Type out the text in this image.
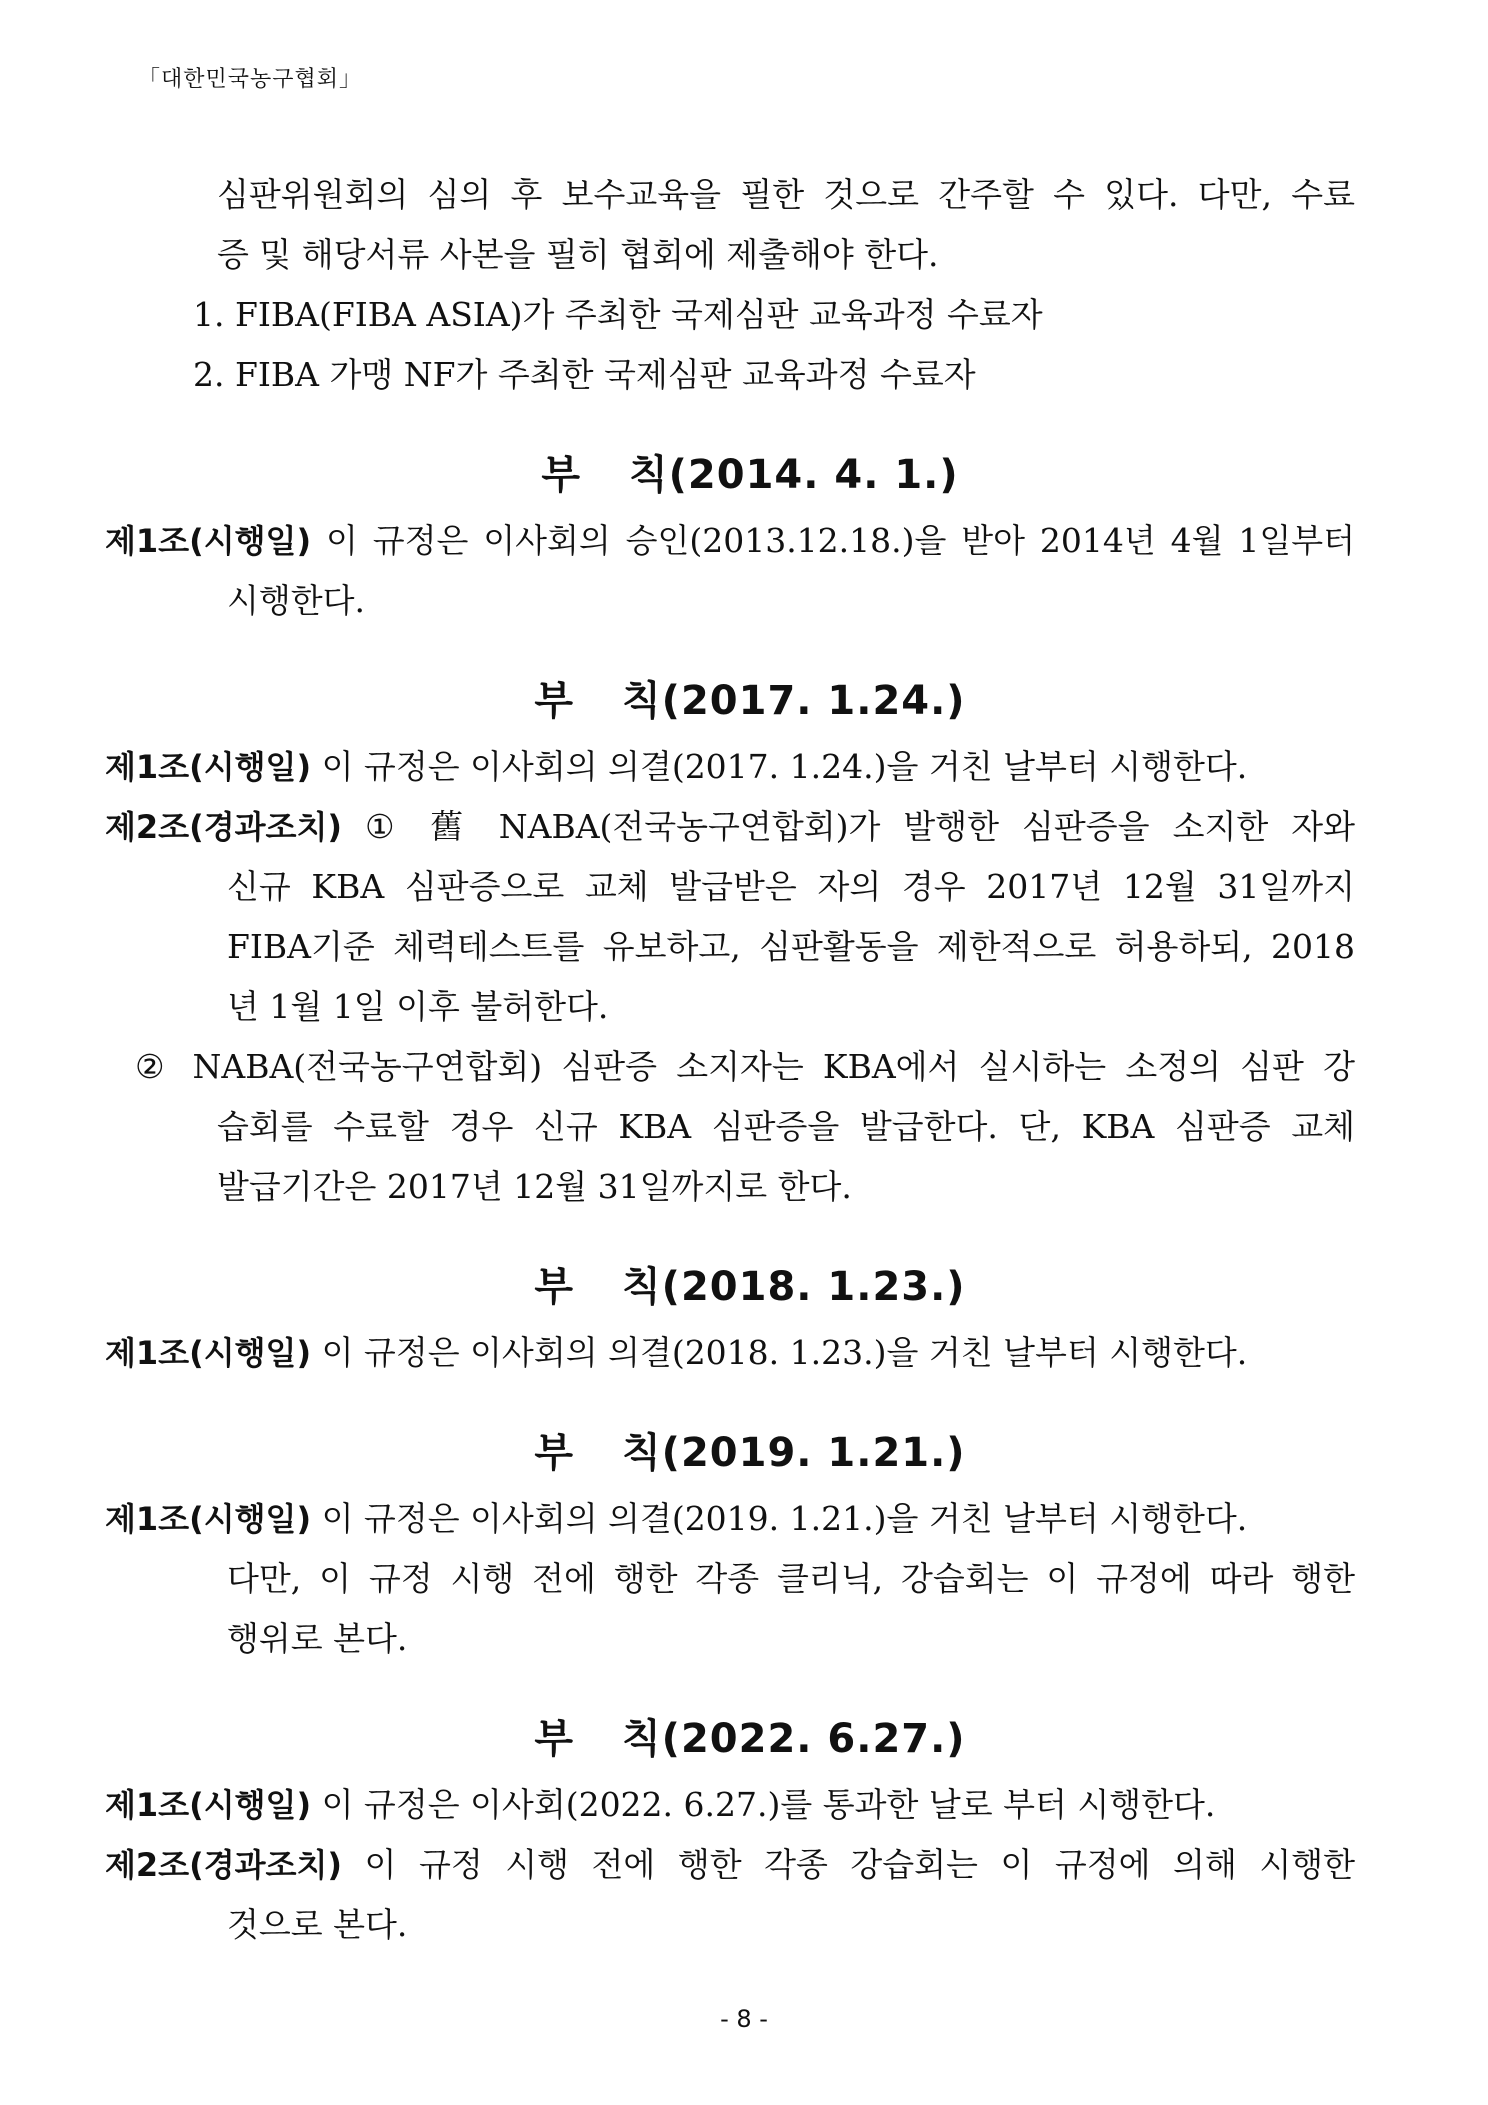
「대한민국농구협회」

심판위원회의 심의 후 보수교육을 필한 것으로 간주할 수 있다. 다만, 수료

증 및 해당서류 사본을 필히 협회에 제출해야 한다.

1. FIBA(FIBA ASIA)가 주최한 국제심판 교육과정 수료자

2. FIBA 가맹 NF가 주최한 국제심판 교육과정 수료자

부 칙(2014. 4. 1.)

제1조(시행일) 이 규정은 이사회의 승인(2013.12.18.)을 받아 2014년 4월 1일부터

시행한다.

부 칙(2017. 1.24.)

제1조(시행일) 이 규정은 이사회의 의결(2017. 1.24.)을 거친 날부터 시행한다.

제2조(경과조치) ① 舊 NABA(전국농구연합회)가 발행한 심판증을 소지한 자와

신규 KBA 심판증으로 교체 발급받은 자의 경우 2017년 12월 31일까지

FIBA기준 체력테스트를 유보하고, 심판활동을 제한적으로 허용하되, 2018

년 1월 1일 이후 불허한다.

② NABA(전국농구연합회) 심판증 소지자는 KBA에서 실시하는 소정의 심판 강

습회를 수료할 경우 신규 KBA 심판증을 발급한다. 단, KBA 심판증 교체

발급기간은 2017년 12월 31일까지로 한다.

부 칙(2018. 1.23.)

제1조(시행일) 이 규정은 이사회의 의결(2018. 1.23.)을 거친 날부터 시행한다.

부 칙(2019. 1.21.)

제1조(시행일) 이 규정은 이사회의 의결(2019. 1.21.)을 거친 날부터 시행한다.

다만, 이 규정 시행 전에 행한 각종 클리닉, 강습회는 이 규정에 따라 행한

행위로 본다.

부 칙(2022. 6.27.)

제1조(시행일) 이 규정은 이사회(2022. 6.27.)를 통과한 날로 부터 시행한다.

제2조(경과조치) 이 규정 시행 전에 행한 각종 강습회는 이 규정에 의해 시행한

것으로 본다.

- 8 -
